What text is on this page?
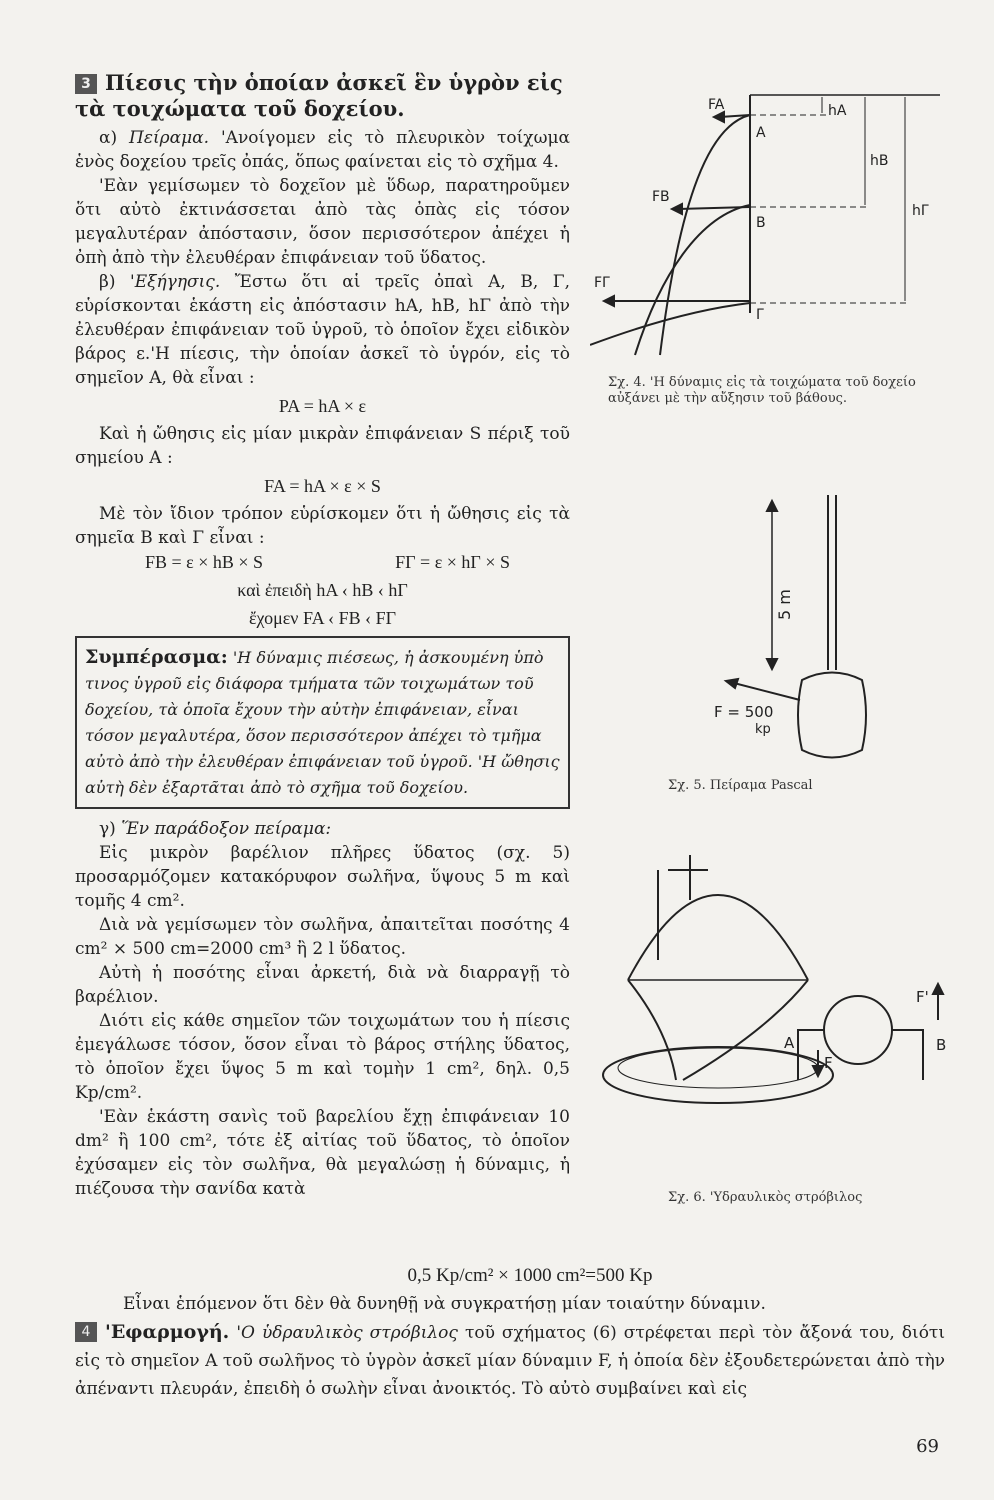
3 Πίεσις τὴν ὁποίαν ἀσκεῖ ἓν ὑγρὸν εἰς τὰ τοιχώματα τοῦ δοχείου.

α) Πείραμα. 'Ανοίγομεν εἰς τὸ πλευρικὸν τοίχωμα ἑνὸς δοχείου τρεῖς ὀπάς, ὅπως φαίνεται εἰς τὸ σχῆμα 4.

'Εὰν γεμίσωμεν τὸ δοχεῖον μὲ ὕδωρ, παρατηροῦμεν ὅτι αὐτὸ ἐκτινάσσεται ἀπὸ τὰς ὀπὰς εἰς τόσον μεγαλυτέραν ἀπόστασιν, ὅσον περισσότερον ἀπέχει ἡ ὀπὴ ἀπὸ τὴν ἐλευθέραν ἐπιφάνειαν τοῦ ὕδατος.

β) 'Εξήγησις. Ἔστω ὅτι αἱ τρεῖς ὀπαὶ Α, Β, Γ, εὑρίσκονται ἑκάστη εἰς ἀπόστασιν hA, hB, hΓ ἀπὸ τὴν ἐλευθέραν ἐπιφάνειαν τοῦ ὑγροῦ, τὸ ὁποῖον ἔχει εἰδικὸν βάρος ε.'Η πίεσις, τὴν ὁποίαν ἀσκεῖ τὸ ὑγρόν, εἰς τὸ σημεῖον Α, θὰ εἶναι :

PA = hA × ε

Καὶ ἡ ὤθησις εἰς μίαν μικρὰν ἐπιφάνειαν S πέριξ τοῦ σημείου Α :

FA = hA × ε × S

Μὲ τὸν ἴδιον τρόπον εὑρίσκομεν ὅτι ἡ ὤθησις εἰς τὰ σημεῖα Β καὶ Γ εἶναι :

FB = ε × hB × S	FΓ = ε × hΓ × S
καὶ ἐπειδὴ hA ‹ hB ‹ hΓ
ἔχομεν FA ‹ FB ‹ FΓ
Συμπέρασμα: 'Η δύναμις πιέσεως, ἡ ἀσκουμένη ὑπὸ τινος ὑγροῦ εἰς διάφορα τμήματα τῶν τοιχωμάτων τοῦ δοχείου, τὰ ὁποῖα ἔχουν τὴν αὐτὴν ἐπιφάνειαν, εἶναι τόσον μεγαλυτέρα, ὅσον περισσότερον ἀπέχει τὸ τμῆμα αὐτὸ ἀπὸ τὴν ἐλευθέραν ἐπιφάνειαν τοῦ ὑγροῦ. 'Η ὤθησις αὐτὴ δὲν ἐξαρτᾶται ἀπὸ τὸ σχῆμα τοῦ δοχείου.

γ) Ἕν παράδοξον πείραμα:

Εἰς μικρὸν βαρέλιον πλῆρες ὕδατος (σχ. 5) προσαρμόζομεν κατακόρυφον σωλῆνα, ὕψους 5 m καὶ τομῆς 4 cm².

Διὰ νὰ γεμίσωμεν τὸν σωλῆνα, ἀπαιτεῖται ποσότης 4 cm² × 500 cm=2000 cm³ ἢ 2 l ὕδατος.

Αὐτὴ ἡ ποσότης εἶναι ἀρκετή, διὰ νὰ διαρραγῇ τὸ βαρέλιον.

Διότι εἰς κάθε σημεῖον τῶν τοιχωμάτων του ἡ πίεσις ἐμεγάλωσε τόσον, ὅσον εἶναι τὸ βάρος στήλης ὕδατος, τὸ ὁποῖον ἔχει ὕψος 5 m καὶ τομὴν 1 cm², δηλ. 0,5 Kp/cm².

'Εὰν ἑκάστη σανὶς τοῦ βαρελίου ἔχῃ ἐπιφάνειαν 10 dm² ἢ 100 cm², τότε ἐξ αἰτίας τοῦ ὕδατος, τὸ ὁποῖον ἐχύσαμεν εἰς τὸν σωλῆνα, θὰ μεγαλώσῃ ἡ δύναμις, ἡ πιέζουσα τὴν σανίδα κατὰ

0,5 Kp/cm² × 1000 cm²=500 Kp

Εἶναι ἑπόμενον ὅτι δὲν θὰ δυνηθῇ νὰ συγκρατήσῃ μίαν τοιαύτην δύναμιν.

4 'Εφαρμογή. 'Ο ὑδραυλικὸς στρόβιλος τοῦ σχήματος (6) στρέφεται περὶ τὸν ἄξονά του, διότι εἰς τὸ σημεῖον Α τοῦ σωλῆνος τὸ ὑγρὸν ἀσκεῖ μίαν δύναμιν F, ἡ ὁποία δὲν ἐξουδετερώνεται ἀπὸ τὴν ἀπέναντι πλευράν, ἐπειδὴ ὁ σωλὴν εἶναι ἀνοικτός. Τὸ αὐτὸ συμβαίνει καὶ εἰς

FA
FB
FΓ
A
B
Γ
hA
hB
hΓ
Σχ. 4. 'Η δύναμις εἰς τὰ τοιχώματα τοῦ δοχείο αὐξάνει μὲ τὴν αὔξησιν τοῦ βάθους.
5 m
F = 500
kp
Σχ. 5. Πείραμα Pascal
A	B
F
F'
Σχ. 6. 'Υδραυλικὸς στρόβιλος
69
